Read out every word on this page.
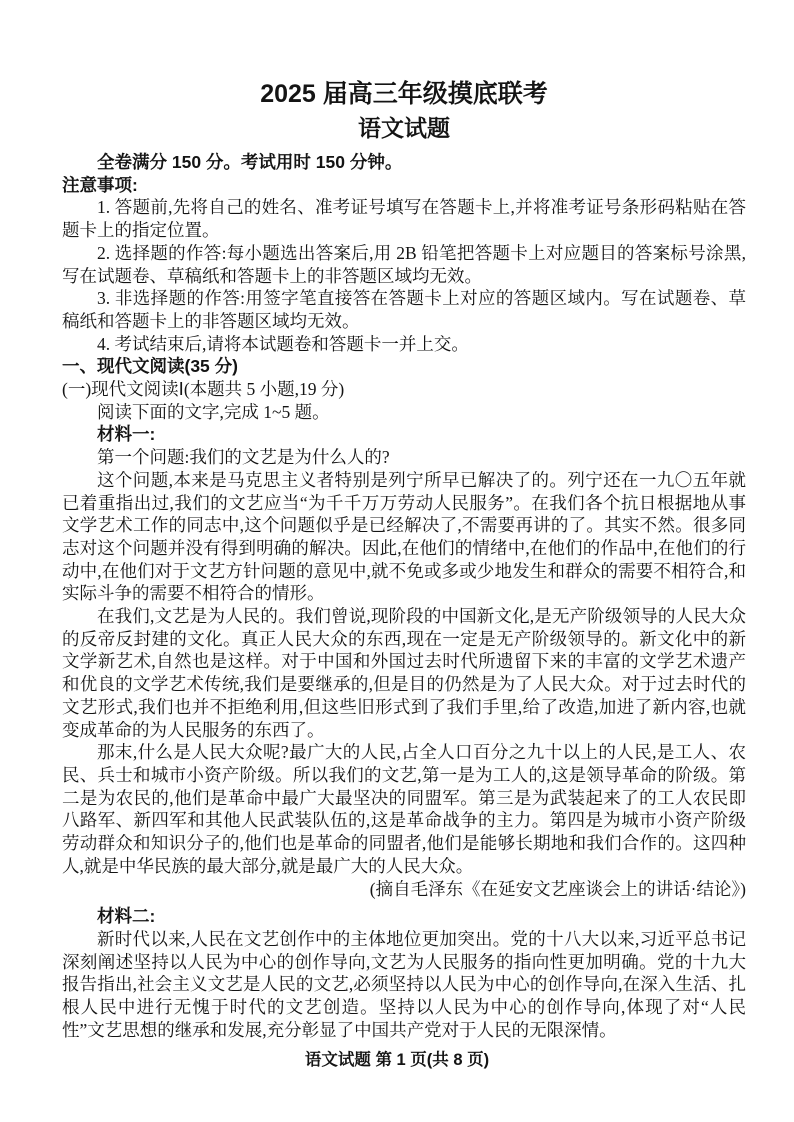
2025 届高三年级摸底联考
语文试题

全卷满分 150 分。考试用时 150 分钟。

注意事项:

1. 答题前,先将自己的姓名、准考证号填写在答题卡上,并将准考证号条形码粘贴在答题卡上的指定位置。

2. 选择题的作答:每小题选出答案后,用 2B 铅笔把答题卡上对应题目的答案标号涂黑,写在试题卷、草稿纸和答题卡上的非答题区域均无效。

3. 非选择题的作答:用签字笔直接答在答题卡上对应的答题区域内。写在试题卷、草稿纸和答题卡上的非答题区域均无效。

4. 考试结束后,请将本试题卷和答题卡一并上交。

一、现代文阅读(35 分)

(一)现代文阅读Ⅰ(本题共 5 小题,19 分)

阅读下面的文字,完成 1~5 题。

材料一:

第一个问题:我们的文艺是为什么人的?

这个问题,本来是马克思主义者特别是列宁所早已解决了的。列宁还在一九〇五年就已着重指出过,我们的文艺应当“为千千万万劳动人民服务”。在我们各个抗日根据地从事文学艺术工作的同志中,这个问题似乎是已经解决了,不需要再讲的了。其实不然。很多同志对这个问题并没有得到明确的解决。因此,在他们的情绪中,在他们的作品中,在他们的行动中,在他们对于文艺方针问题的意见中,就不免或多或少地发生和群众的需要不相符合,和实际斗争的需要不相符合的情形。

在我们,文艺是为人民的。我们曾说,现阶段的中国新文化,是无产阶级领导的人民大众的反帝反封建的文化。真正人民大众的东西,现在一定是无产阶级领导的。新文化中的新文学新艺术,自然也是这样。对于中国和外国过去时代所遗留下来的丰富的文学艺术遗产和优良的文学艺术传统,我们是要继承的,但是目的仍然是为了人民大众。对于过去时代的文艺形式,我们也并不拒绝利用,但这些旧形式到了我们手里,给了改造,加进了新内容,也就变成革命的为人民服务的东西了。

那末,什么是人民大众呢?最广大的人民,占全人口百分之九十以上的人民,是工人、农民、兵士和城市小资产阶级。所以我们的文艺,第一是为工人的,这是领导革命的阶级。第二是为农民的,他们是革命中最广大最坚决的同盟军。第三是为武装起来了的工人农民即八路军、新四军和其他人民武装队伍的,这是革命战争的主力。第四是为城市小资产阶级劳动群众和知识分子的,他们也是革命的同盟者,他们是能够长期地和我们合作的。这四种人,就是中华民族的最大部分,就是最广大的人民大众。

(摘自毛泽东《在延安文艺座谈会上的讲话·结论》)

材料二:

新时代以来,人民在文艺创作中的主体地位更加突出。党的十八大以来,习近平总书记深刻阐述坚持以人民为中心的创作导向,文艺为人民服务的指向性更加明确。党的十九大报告指出,社会主义文艺是人民的文艺,必须坚持以人民为中心的创作导向,在深入生活、扎根人民中进行无愧于时代的文艺创造。坚持以人民为中心的创作导向,体现了对“人民性”文艺思想的继承和发展,充分彰显了中国共产党对于人民的无限深情。

语文试题 第 1 页(共 8 页)
